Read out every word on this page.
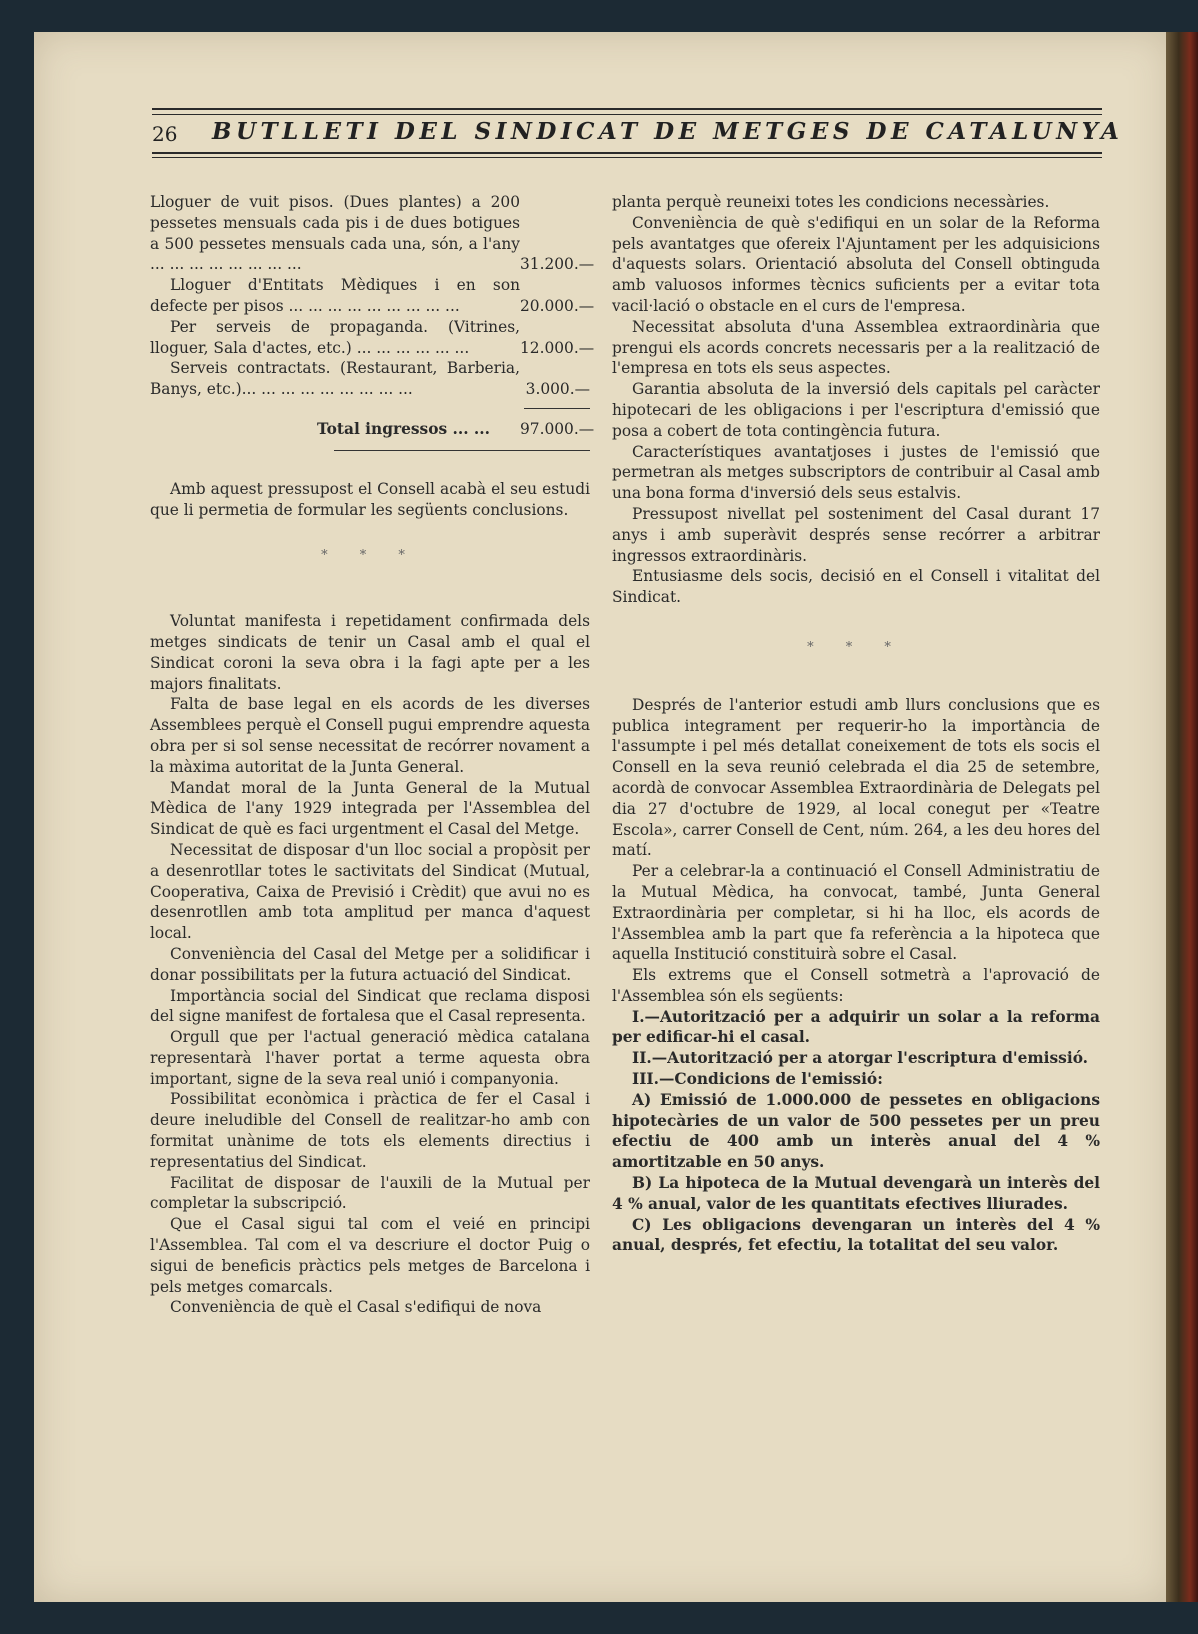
26 BUTLLETI DEL SINDICAT DE METGES DE CATALUNYA
Lloguer de vuit pisos. (Dues plantes) a 200 pessetes mensuals cada pis i de dues botigues a 500 pessetes mensuals cada una, són, a l'any ... ... ... ... ... ... ... ...	31.200.—
Lloguer d'Entitats Mèdiques i en son defecte per pisos ... ... ... ... ... ... ... ... ...	20.000.—
Per serveis de propaganda. (Vitrines, lloguer, Sala d'actes, etc.) ... ... ... ... ... ...	12.000.—
Serveis contractats. (Restaurant, Barberia, Banys, etc.)... ... ... ... ... ... ... ... ...	3.000.—
Total ingressos ... ... 97.000.—

Amb aquest pressupost el Consell acabà el seu estudi que li permetia de formular les següents conclusions.

* * *

Voluntat manifesta i repetidament confirmada dels metges sindicats de tenir un Casal amb el qual el Sindicat coroni la seva obra i la fagi apte per a les majors finalitats.

Falta de base legal en els acords de les diverses Assemblees perquè el Consell pugui emprendre aquesta obra per si sol sense necessitat de recórrer novament a la màxima autoritat de la Junta General.

Mandat moral de la Junta General de la Mutual Mèdica de l'any 1929 integrada per l'Assemblea del Sindicat de què es faci urgentment el Casal del Metge.

Necessitat de disposar d'un lloc social a propòsit per a desenrotllar totes le sactivitats del Sindicat (Mutual, Cooperativa, Caixa de Previsió i Crèdit) que avui no es desenrotllen amb tota amplitud per manca d'aquest local.

Conveniència del Casal del Metge per a solidificar i donar possibilitats per la futura actuació del Sindicat.

Importància social del Sindicat que reclama disposi del signe manifest de fortalesa que el Casal representa.

Orgull que per l'actual generació mèdica catalana representarà l'haver portat a terme aquesta obra important, signe de la seva real unió i companyonia.

Possibilitat econòmica i pràctica de fer el Casal i deure ineludible del Consell de realitzar-ho amb con formitat unànime de tots els elements directius i representatius del Sindicat.

Facilitat de disposar de l'auxili de la Mutual per completar la subscripció.

Que el Casal sigui tal com el veié en principi l'Assemblea. Tal com el va descriure el doctor Puig o sigui de beneficis pràctics pels metges de Barcelona i pels metges comarcals.

Conveniència de què el Casal s'edifiqui de nova

planta perquè reuneixi totes les condicions necessàries.

Conveniència de què s'edifiqui en un solar de la Reforma pels avantatges que ofereix l'Ajuntament per les adquisicions d'aquests solars. Orientació absoluta del Consell obtinguda amb valuosos informes tècnics suficients per a evitar tota vacil·lació o obstacle en el curs de l'empresa.

Necessitat absoluta d'una Assemblea extraordinària que prengui els acords concrets necessaris per a la realització de l'empresa en tots els seus aspectes.

Garantia absoluta de la inversió dels capitals pel caràcter hipotecari de les obligacions i per l'escriptura d'emissió que posa a cobert de tota contingència futura.

Característiques avantatjoses i justes de l'emissió que permetran als metges subscriptors de contribuir al Casal amb una bona forma d'inversió dels seus estalvis.

Pressupost nivellat pel sosteniment del Casal durant 17 anys i amb superàvit després sense recórrer a arbitrar ingressos extraordinàris.

Entusiasme dels socis, decisió en el Consell i vitalitat del Sindicat.

* * *

Després de l'anterior estudi amb llurs conclusions que es publica integrament per requerir-ho la importància de l'assumpte i pel més detallat coneixement de tots els socis el Consell en la seva reunió celebrada el dia 25 de setembre, acordà de convocar Assemblea Extraordinària de Delegats pel dia 27 d'octubre de 1929, al local conegut per «Teatre Escola», carrer Consell de Cent, núm. 264, a les deu hores del matí.

Per a celebrar-la a continuació el Consell Administratiu de la Mutual Mèdica, ha convocat, també, Junta General Extraordinària per completar, si hi ha lloc, els acords de l'Assemblea amb la part que fa referència a la hipoteca que aquella Institució constituirà sobre el Casal.

Els extrems que el Consell sotmetrà a l'aprovació de l'Assemblea són els següents:

I.—Autorització per a adquirir un solar a la reforma per edificar-hi el casal.

II.—Autorització per a atorgar l'escriptura d'emissió.

III.—Condicions de l'emissió:

A) Emissió de 1.000.000 de pessetes en obligacions hipotecàries de un valor de 500 pessetes per un preu efectiu de 400 amb un interès anual del 4 % amortitzable en 50 anys.

B) La hipoteca de la Mutual devengarà un interès del 4 % anual, valor de les quantitats efectives lliurades.

C) Les obligacions devengaran un interès del 4 % anual, després, fet efectiu, la totalitat del seu valor.
